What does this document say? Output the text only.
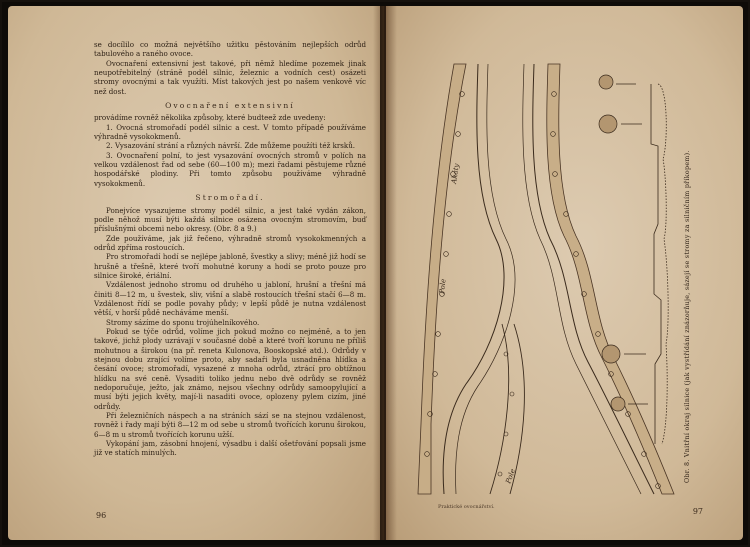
se docílilo co možná největšího užitku pěstováním nejlepších odrůd tabulového a raného ovoce.

Ovocnaření extensivní jest takové, při němž hledíme pozemek jinak neupotřebitelný (stráně podél silnic, železnic a vodních cest) osázeti stromy ovocnými a tak využíti. Míst takových jest po našem venkově víc než dost.

Ovocnaření extensivní

provádíme rovněž několika způsoby, které budteež zde uvedeny:

1. Ovocná stromořadí podél silnic a cest. V tomto případě používáme výhradně vysokokmenů.

2. Vysazování strání a různých návrší. Zde můžeme použíti též krsků.

3. Ovocnaření polní, to jest vysazování ovocných stromů v polích na velkou vzdálenost řad od sebe (60—100 m); mezi řadami pěstujeme různé hospodářské plodiny. Při tomto způsobu používáme výhradně vysokokmenů.

Stromořadí.

Ponejvíce vysazujeme stromy podél silnic, a jest také vydán zákon, podle něhož musí býti každá silnice osázena ovocným stromovím, buď příslušnými obcemi nebo okresy. (Obr. 8 a 9.)

Zde používáme, jak již řečeno, výhradně stromů vysokokmenných a odrůd zpříma rostoucích.

Pro stromořadí hodí se nejlépe jabloně, švestky a slivy; méně již hodí se hrušně a třešně, které tvoří mohutné koruny a hodí se proto pouze pro silnice široké, ériální.

Vzdálenost jednoho stromu od druhého u jabloní, hrušní a třešní má činiti 8—12 m, u švestek, sliv, višní a slabě rostoucích třešní stačí 6—8 m. Vzdálenost řídí se podle povahy půdy; v lepší půdě je nutna vzdálenost větší, v horší půdě necháváme menší.

Stromy sázíme do sponu trojúhelníkového.

Pokud se týče odrůd, volíme jich pokud možno co nejméně, a to jen takové, jichž plody uzrávají v současné době a které tvoří korunu ne příliš mohutnou a širokou (na př. reneta Kulonova, Booskopské atd.). Odrůdy v stejnou dobu zrající volíme proto, aby sadaři byla usnadněna hlídka a česání ovoce; stromořadí, vysazené z mnoha odrůd, ztrácí pro obtížnou hlídku na své ceně. Vysaditi toliko jednu nebo dvě odrůdy se rovněž nedoporučuje, ježto, jak známo, nejsou všechny odrůdy samoopylující a musí býti jejich květy, mají-li nasaditi ovoce, oplozeny pylem cizím, jiné odrůdy.

Při železničních náspech a na stráních sází se na stejnou vzdálenost, rovněž i řady mají býti 8—12 m od sebe u stromů tvořících korunu širokou, 6—8 m u stromů tvořících korunu užší.

Vykopání jam, zásobní hnojení, výsadbu i další ošetřování popsali jsme již ve statích minulých.

96
Akáty
Pole
Pole	Obr. 8. Vnitřní okraj silnice (jak vystřídání znázorňuje, sázejí se stromy za silničním příkopem).
Praktické ovocnářství.	97
